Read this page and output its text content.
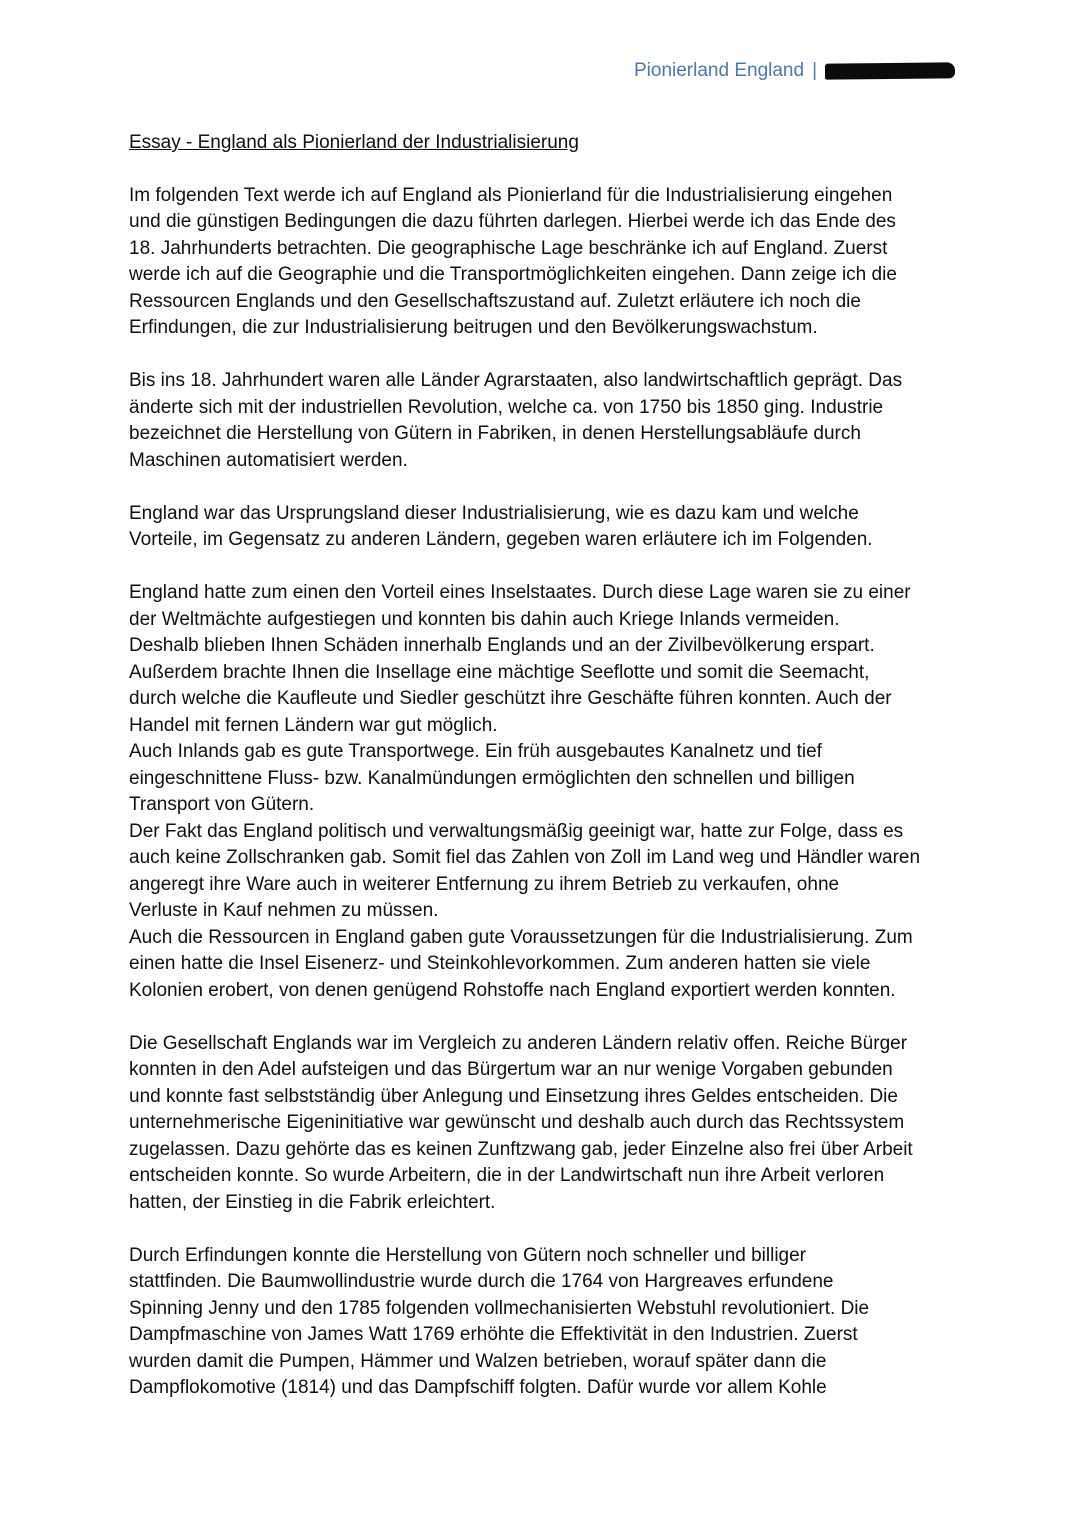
Pionierland England |
Essay - England als Pionierland der Industrialisierung

Im folgenden Text werde ich auf England als Pionierland für die Industrialisierung eingehen
und die günstigen Bedingungen die dazu führten darlegen. Hierbei werde ich das Ende des
18. Jahrhunderts betrachten. Die geographische Lage beschränke ich auf England. Zuerst
werde ich auf die Geographie und die Transportmöglichkeiten eingehen. Dann zeige ich die
Ressourcen Englands und den Gesellschaftszustand auf. Zuletzt erläutere ich noch die
Erfindungen, die zur Industrialisierung beitrugen und den Bevölkerungswachstum.

Bis ins 18. Jahrhundert waren alle Länder Agrarstaaten, also landwirtschaftlich geprägt. Das
änderte sich mit der industriellen Revolution, welche ca. von 1750 bis 1850 ging. Industrie
bezeichnet die Herstellung von Gütern in Fabriken, in denen Herstellungsabläufe durch
Maschinen automatisiert werden.

England war das Ursprungsland dieser Industrialisierung, wie es dazu kam und welche
Vorteile, im Gegensatz zu anderen Ländern, gegeben waren erläutere ich im Folgenden.

England hatte zum einen den Vorteil eines Inselstaates. Durch diese Lage waren sie zu einer
der Weltmächte aufgestiegen und konnten bis dahin auch Kriege Inlands vermeiden.
Deshalb blieben Ihnen Schäden innerhalb Englands und an der Zivilbevölkerung erspart.
Außerdem brachte Ihnen die Insellage eine mächtige Seeflotte und somit die Seemacht,
durch welche die Kaufleute und Siedler geschützt ihre Geschäfte führen konnten. Auch der
Handel mit fernen Ländern war gut möglich.

Auch Inlands gab es gute Transportwege. Ein früh ausgebautes Kanalnetz und tief
eingeschnittene Fluss- bzw. Kanalmündungen ermöglichten den schnellen und billigen
Transport von Gütern.

Der Fakt das England politisch und verwaltungsmäßig geeinigt war, hatte zur Folge, dass es
auch keine Zollschranken gab. Somit fiel das Zahlen von Zoll im Land weg und Händler waren
angeregt ihre Ware auch in weiterer Entfernung zu ihrem Betrieb zu verkaufen, ohne
Verluste in Kauf nehmen zu müssen.

Auch die Ressourcen in England gaben gute Voraussetzungen für die Industrialisierung. Zum
einen hatte die Insel Eisenerz- und Steinkohlevorkommen. Zum anderen hatten sie viele
Kolonien erobert, von denen genügend Rohstoffe nach England exportiert werden konnten.

Die Gesellschaft Englands war im Vergleich zu anderen Ländern relativ offen. Reiche Bürger
konnten in den Adel aufsteigen und das Bürgertum war an nur wenige Vorgaben gebunden
und konnte fast selbstständig über Anlegung und Einsetzung ihres Geldes entscheiden. Die
unternehmerische Eigeninitiative war gewünscht und deshalb auch durch das Rechtssystem
zugelassen. Dazu gehörte das es keinen Zunftzwang gab, jeder Einzelne also frei über Arbeit
entscheiden konnte. So wurde Arbeitern, die in der Landwirtschaft nun ihre Arbeit verloren
hatten, der Einstieg in die Fabrik erleichtert.

Durch Erfindungen konnte die Herstellung von Gütern noch schneller und billiger
stattfinden. Die Baumwollindustrie wurde durch die 1764 von Hargreaves erfundene
Spinning Jenny und den 1785 folgenden vollmechanisierten Webstuhl revolutioniert. Die
Dampfmaschine von James Watt 1769 erhöhte die Effektivität in den Industrien. Zuerst
wurden damit die Pumpen, Hämmer und Walzen betrieben, worauf später dann die
Dampflokomotive (1814) und das Dampfschiff folgten. Dafür wurde vor allem Kohle
